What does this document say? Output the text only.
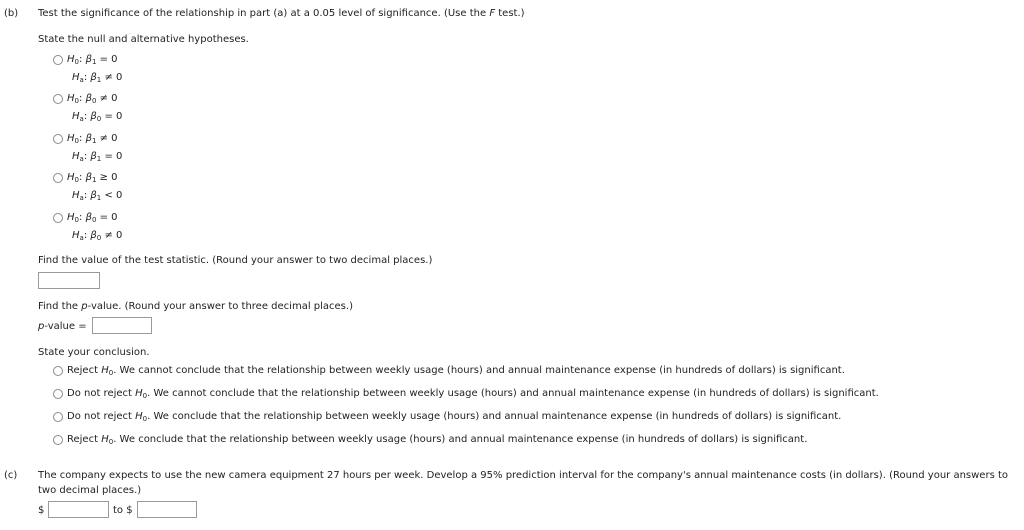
(b) Test the significance of the relationship in part (a) at a 0.05 level of significance. (Use the F test.)
State the null and alternative hypotheses.
$H_0$: $\beta_1 = 0$
$H_a$: $\beta_1 \ne 0$
$H_0$: $\beta_0 \ne 0$
$H_a$: $\beta_0 = 0$
$H_0$: $\beta_1 \ne 0$
$H_a$: $\beta_1 = 0$
$H_0$: $\beta_1 \ge 0$
$H_a$: $\beta_1 < 0$
$H_0$: $\beta_0 = 0$
$H_a$: $\beta_0 \ne 0$
Find the value of the test statistic. (Round your answer to two decimal places.)
Find the p-value. (Round your answer to three decimal places.)
p-value =
State your conclusion.
Reject $H_0$. We cannot conclude that the relationship between weekly usage (hours) and annual maintenance expense (in hundreds of dollars) is significant.
Do not reject $H_0$. We cannot conclude that the relationship between weekly usage (hours) and annual maintenance expense (in hundreds of dollars) is significant.
Do not reject $H_0$. We conclude that the relationship between weekly usage (hours) and annual maintenance expense (in hundreds of dollars) is significant.
Reject $H_0$. We conclude that the relationship between weekly usage (hours) and annual maintenance expense (in hundreds of dollars) is significant.
(c) The company expects to use the new camera equipment 27 hours per week. Develop a 95% prediction interval for the company's annual maintenance costs (in dollars). (Round your answers to
two decimal places.)
$	to $
